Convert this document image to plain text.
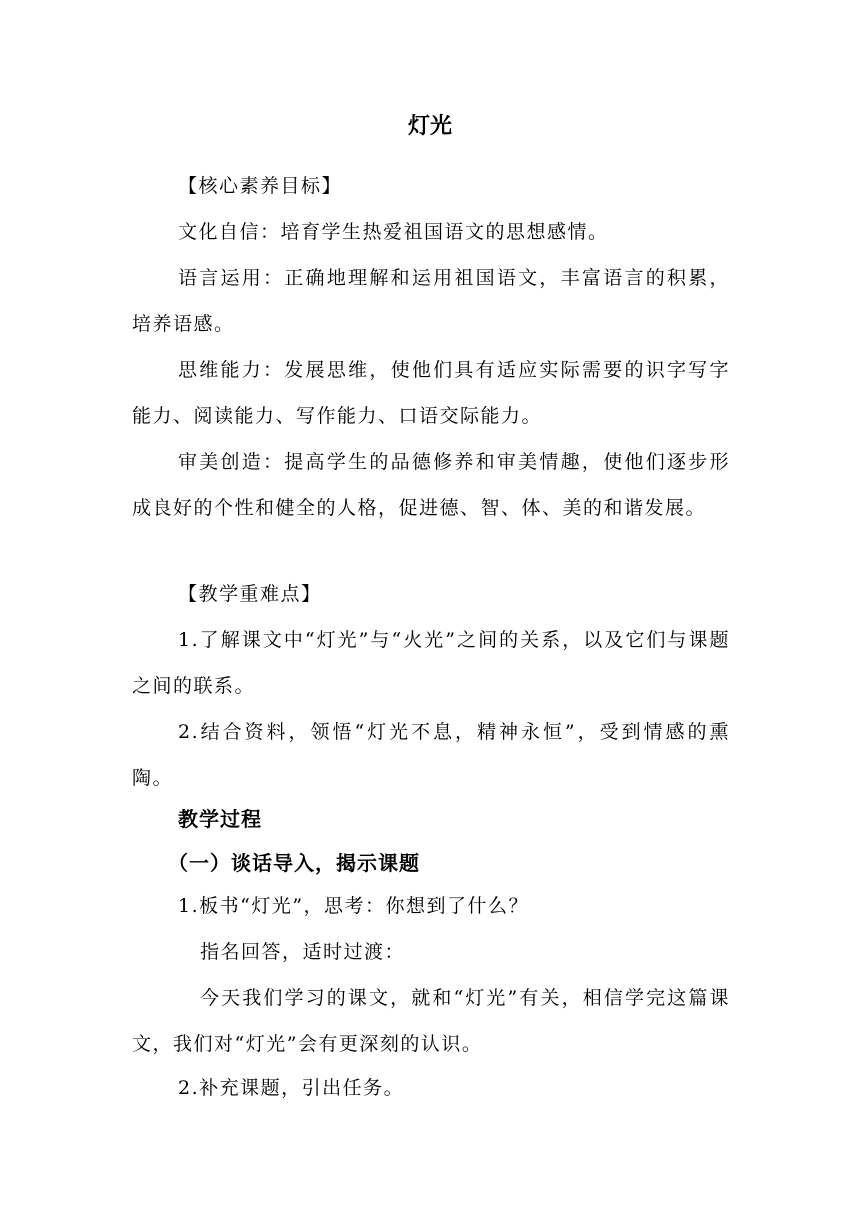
灯光
【核心素养目标】
文化自信：培育学生热爱祖国语文的思想感情。
语言运用：正确地理解和运用祖国语文，丰富语言的积累，培养语感。
思维能力：发展思维，使他们具有适应实际需要的识字写字能力、阅读能力、写作能力、口语交际能力。
审美创造：提高学生的品德修养和审美情趣，使他们逐步形成良好的个性和健全的人格，促进德、智、体、美的和谐发展。
【教学重难点】
1.了解课文中“灯光”与“火光”之间的关系，以及它们与课题之间的联系。
2.结合资料，领悟“灯光不息，精神永恒”，受到情感的熏陶。
教学过程
（一）谈话导入，揭示课题
1.板书“灯光”，思考：你想到了什么？
指名回答，适时过渡：
今天我们学习的课文，就和“灯光”有关，相信学完这篇课文，我们对“灯光”会有更深刻的认识。
2.补充课题，引出任务。
